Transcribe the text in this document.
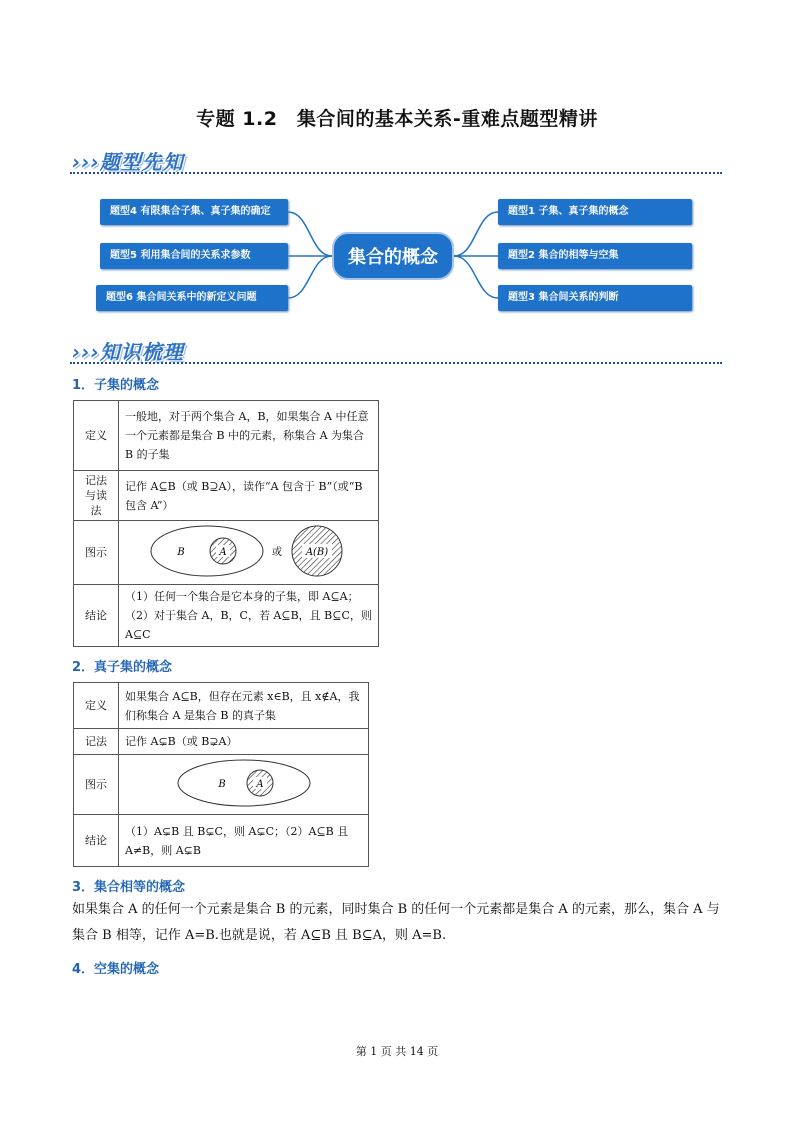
专题 1.2　集合间的基本关系-重难点题型精讲
›››题型先知
题型4 有限集合子集、真子集的确定
题型5 利用集合间的关系求参数
题型6 集合间关系中的新定义问题
集合的概念
题型1 子集、真子集的概念
题型2 集合的相等与空集
题型3 集合间关系的判断
›››知识梳理
1．子集的概念
定义	一般地，对于两个集合 A，B，如果集合 A 中任意一个元素都是集合 B 中的元素，称集合 A 为集合 B 的子集
记法与读法	记作 A⊆B（或 B⊇A），读作“A 包含于 B”（或“B 包含 A”）
图示	A
B 或 A(B)

结论	（1）任何一个集合是它本身的子集，即 A⊆A；（2）对于集合 A，B，C，若 A⊆B，且 B⊆C，则 A⊆C
2．真子集的概念
定义	如果集合 A⊆B，但存在元素 x∈B，且 x∉A，我们称集合 A 是集合 B 的真子集
记法	记作 A⊊B（或 B⊋A）
图示	A
B

结论	（1）A⊊B 且 B⊊C，则 A⊊C；（2）A⊆B 且 A≠B，则 A⊊B
3．集合相等的概念
如果集合 A 的任何一个元素是集合 B 的元素，同时集合 B 的任何一个元素都是集合 A 的元素，那么，集合 A 与集合 B 相等，记作 A=B.也就是说，若 A⊆B 且 B⊆A，则 A=B.
4．空集的概念
第 1 页 共 14 页
